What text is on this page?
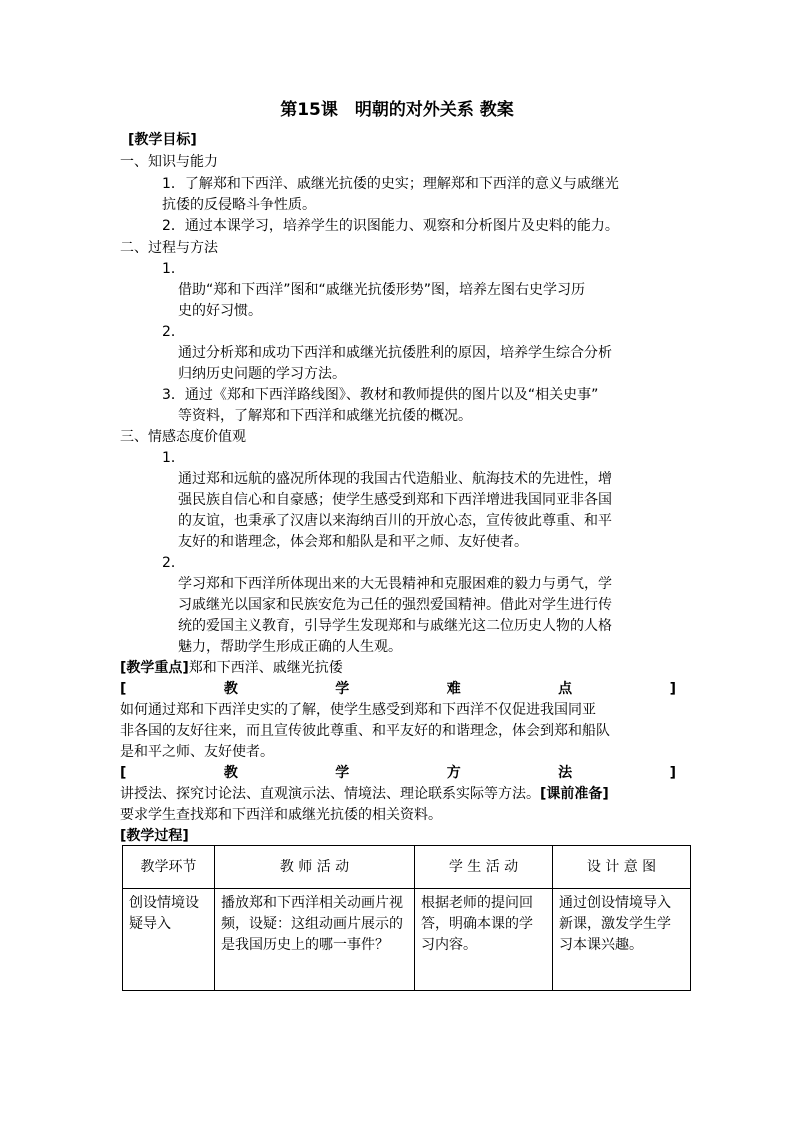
第15课　明朝的对外关系 教案
[教学目标]
一、知识与能力
1．了解郑和下西洋、戚继光抗倭的史实；理解郑和下西洋的意义与戚继光
抗倭的反侵略斗争性质。
2．通过本课学习，培养学生的识图能力、观察和分析图片及史料的能力。
二、过程与方法
1．
借助“郑和下西洋”图和“戚继光抗倭形势”图，培养左图右史学习历
史的好习惯。
2．
通过分析郑和成功下西洋和戚继光抗倭胜利的原因，培养学生综合分析
归纳历史问题的学习方法。
3．通过《郑和下西洋路线图》、教材和教师提供的图片以及“相关史事”
等资料，了解郑和下西洋和戚继光抗倭的概况。
三、情感态度价值观
1．
通过郑和远航的盛况所体现的我国古代造船业、航海技术的先进性，增
强民族自信心和自豪感；使学生感受到郑和下西洋增进我国同亚非各国
的友谊，也秉承了汉唐以来海纳百川的开放心态，宣传彼此尊重、和平
友好的和谐理念，体会郑和船队是和平之师、友好使者。
2．
学习郑和下西洋所体现出来的大无畏精神和克服困难的毅力与勇气，学
习戚继光以国家和民族安危为己任的强烈爱国精神。借此对学生进行传
统的爱国主义教育，引导学生发现郑和与戚继光这二位历史人物的人格
魅力，帮助学生形成正确的人生观。
[教学重点]郑和下西洋、戚继光抗倭
[	教	学	难	点	]
如何通过郑和下西洋史实的了解，使学生感受到郑和下西洋不仅促进我国同亚
非各国的友好往来，而且宣传彼此尊重、和平友好的和谐理念，体会到郑和船队
是和平之师、友好使者。
[	教	学	方	法	]
讲授法、探究讨论法、直观演示法、情境法、理论联系实际等方法。[课前准备]
要求学生查找郑和下西洋和戚继光抗倭的相关资料。
[教学过程]
教学环节	教 师 活 动	学 生 活 动	设 计 意 图
创设情境设疑导入	播放郑和下西洋相关动画片视频，设疑：这组动画片展示的是我国历史上的哪一事件？	根据老师的提问回答，明确本课的学习内容。	通过创设情境导入新课，激发学生学习本课兴趣。
